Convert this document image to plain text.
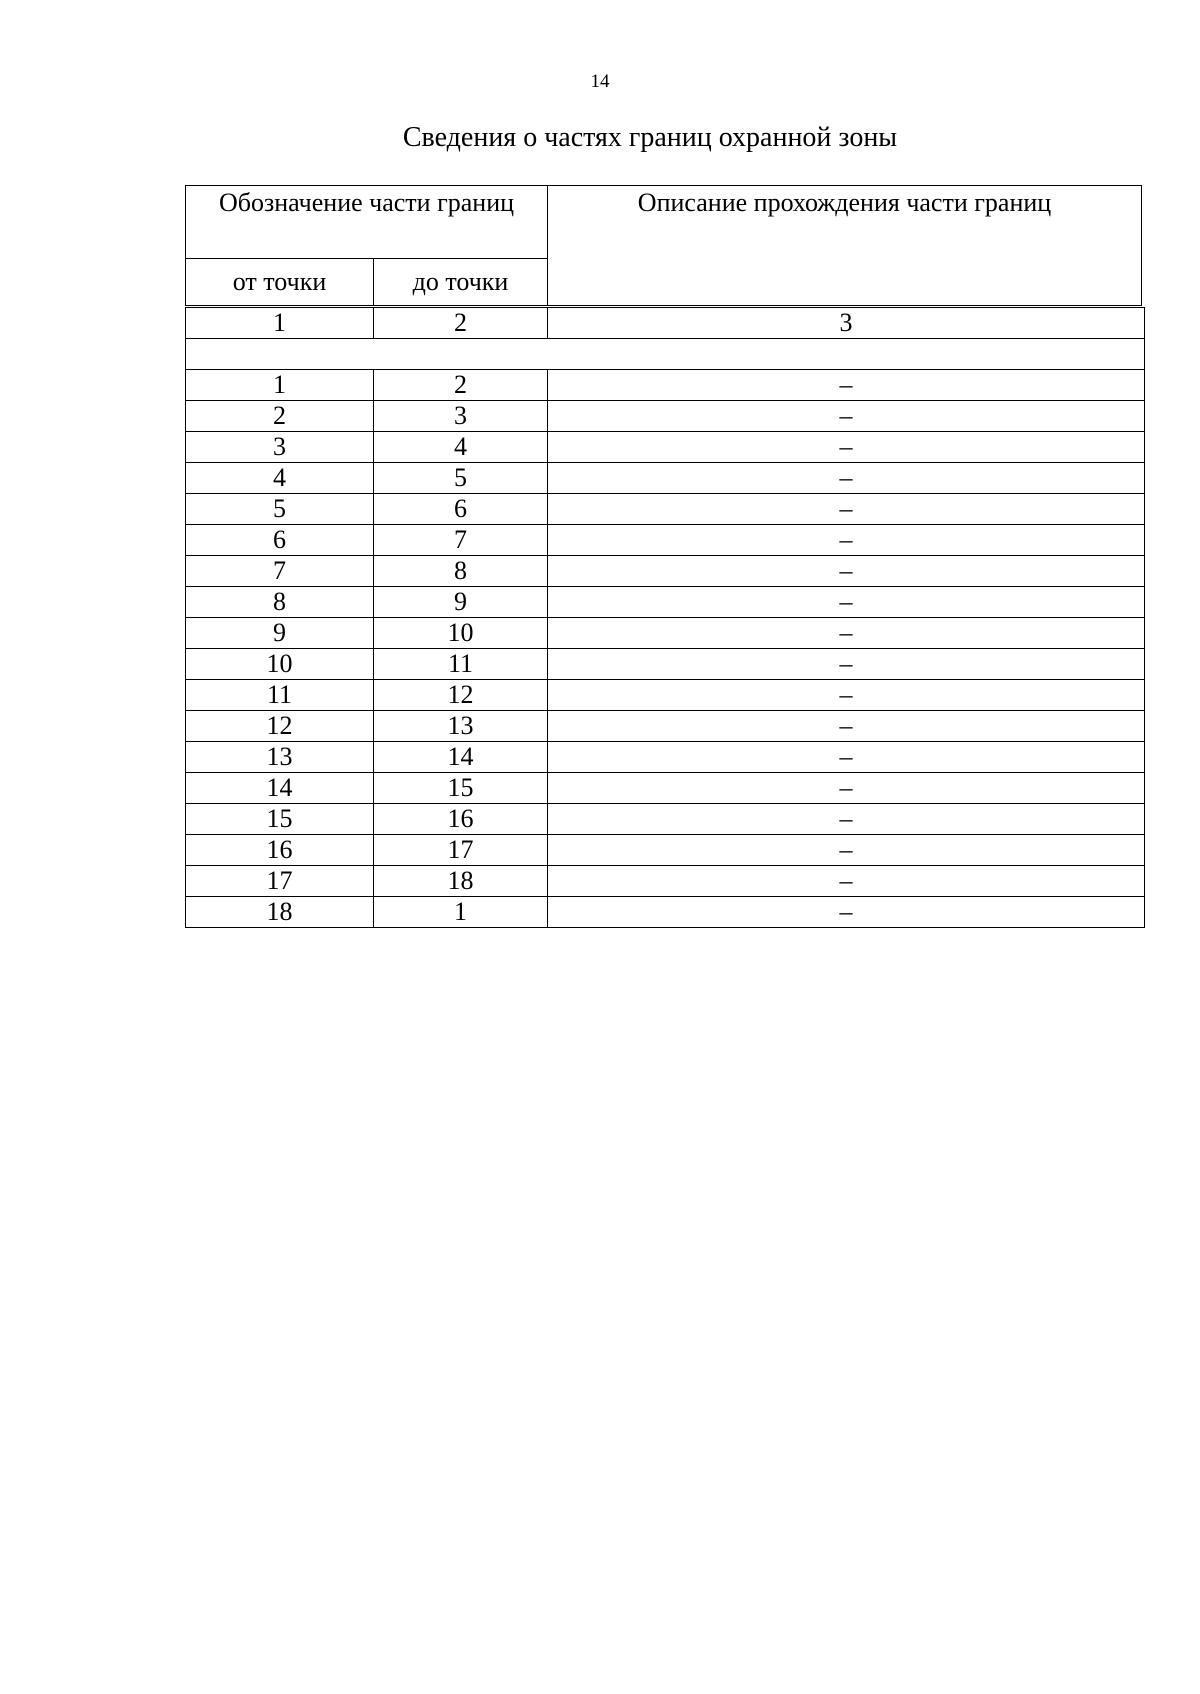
14
Сведения о частях границ охранной зоны
Обозначение части границ		Описание прохождения части границ
от точки	до точки	
1	2	3

1	2	–
2	3	–
3	4	–
4	5	–
5	6	–
6	7	–
7	8	–
8	9	–
9	10	–
10	11	–
11	12	–
12	13	–
13	14	–
14	15	–
15	16	–
16	17	–
17	18	–
18	1	–
